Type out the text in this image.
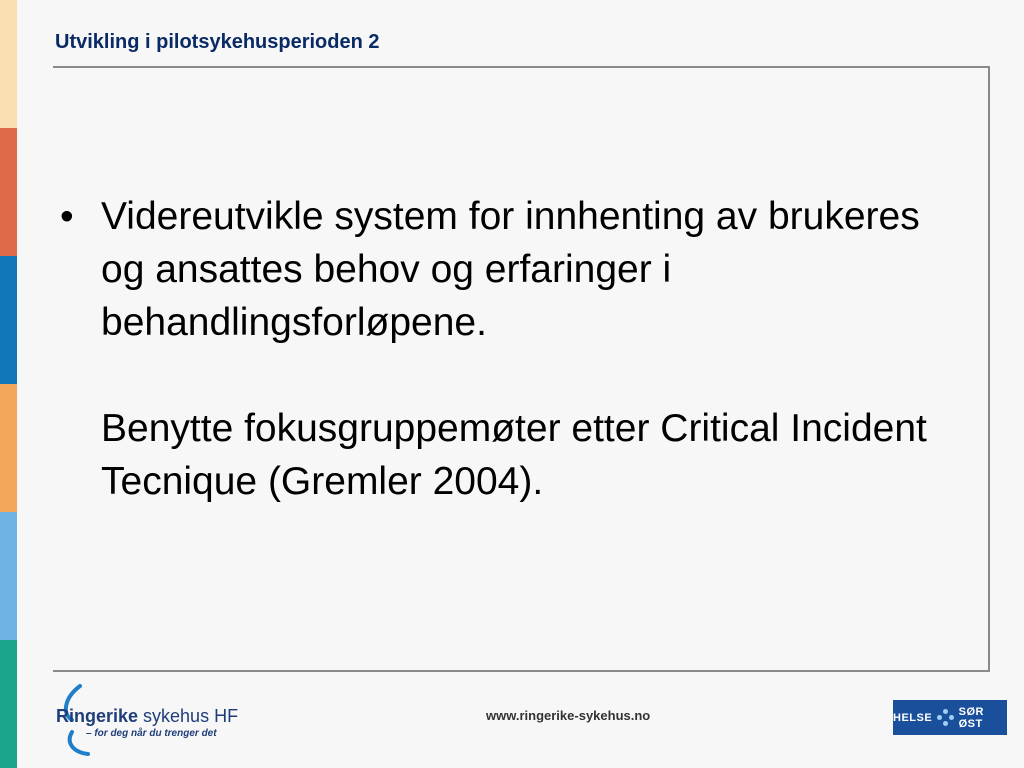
Utvikling i pilotsykehusperioden 2
• Videreutvikle system for innhenting av brukeres og ansattes behov og erfaringer i behandlingsforløpene.
Benytte fokusgruppemøter etter Critical Incident Tecnique (Gremler 2004).
Ringerike sykehus HF
– for deg når du trenger det
www.ringerike-sykehus.no	HELSE SØR ØST
